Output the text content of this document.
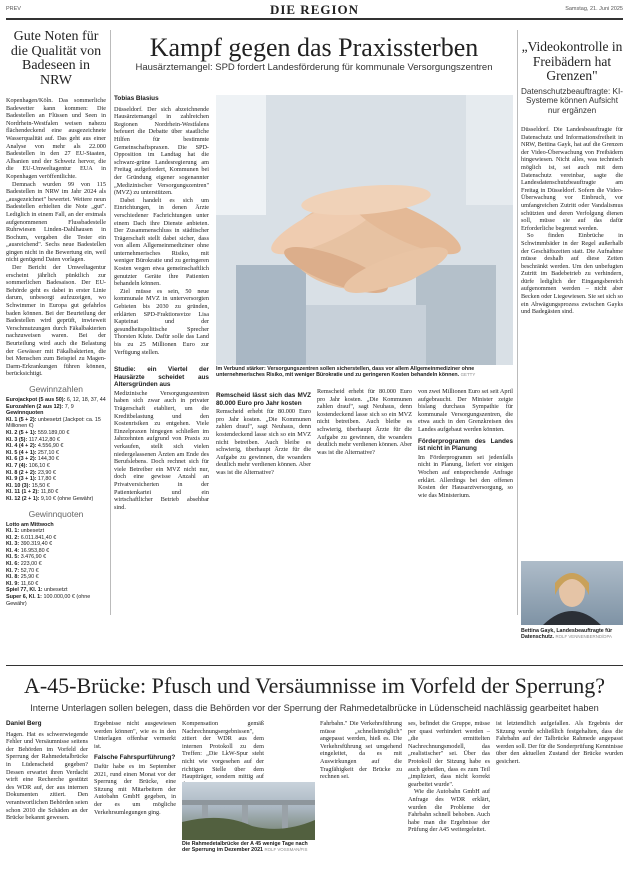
PREV	DIE REGION	Samstag, 21. Juni 2025
Gute Noten für die Qualität von Badeseen in NRW

Kopenhagen/Köln. Das sommerliche Badewetter kann kommen: Die Badestellen an Flüssen und Seen in Nordrhein-Westfalen weisen nahezu flächendeckend eine ausgezeichnete Wasserqualität auf. Das geht aus einer Analyse von mehr als 22.000 Badestellen in den 27 EU-Staaten, Albanien und der Schweiz hervor, die die EU-Umweltagentur EUA in Kopenhagen veröffentlichte.

Demnach wurden 99 von 115 Badestellen in NRW im Jahr 2024 als „ausgezeichnet" bewertet. Weitere neun Badestellen erhielten die Note „gut". Lediglich in einem Fall, an der erstmals aufgenommenen Flussbadestelle Ruhrwiesen Linden-Dahlhausen in Bochum, vergaben die Tester ein „ausreichend". Sechs neue Badestellen gingen nicht in die Bewertung ein, weil nicht genügend Daten vorlagen.

Der Bericht der Umweltagentur erscheint jährlich pünktlich zur sommerlichen Badesaison. Der EU-Behörde geht es dabei in erster Linie darum, unbesorgt aufzuzeigen, wo Schwimmer in Europa gut gefahrlos baden können. Bei der Beurteilung der Badestellen wird geprüft, inwieweit Verschmutzungen durch Fäkalbakterien nachzuweisen waren. Bei der Beurteilung wird auch die Belastung der Gewässer mit Fäkalbakterien, die bei Menschen zum Beispiel zu Magen-Darm-Erkrankungen führen können, berücksichtigt.

Gewinnzahlen
Eurojackpot (5 aus 50): 6, 12, 18, 37, 44
Eurozahlen (2 aus 12): 7, 9
Gewinnquoten
Kl. 1 (5 + 2): unbesetzt (Jackpot: ca. 15 Millionen €)
Kl. 2 (5 + 1): 559.189,00 €
Kl. 3 (5): 117.412,80 €
Kl. 4 (4 + 2): 4.556,90 €
Kl. 5 (4 + 1): 257,10 €
Kl. 6 (3 + 2): 144,30 €
Kl. 7 (4): 106,10 €
Kl. 8 (2 + 2): 23,90 €
Kl. 9 (3 + 1): 17,80 €
Kl. 10 (3): 15,50 €
Kl. 11 (1 + 2): 11,80 €
Kl. 12 (2 + 1): 9,10 € (ohne Gewähr)
Gewinnquoten
Lotto am Mittwoch
Kl. 1: unbesetzt
Kl. 2: 6.011.841,40 €
Kl. 3: 390.319,40 €
Kl. 4: 16.953,80 €
Kl. 5: 3.476,90 €
Kl. 6: 223,00 €
Kl. 7: 52,70 €
Kl. 8: 25,90 €
Kl. 9: 11,60 €
Spiel 77, Kl. 1: unbesetzt
Super 6, Kl. 1: 100.000,00 € (ohne Gewähr)
Kampf gegen das Praxissterben
Hausärztemangel: SPD fordert Landesförderung für kommunale Versorgungszentren
Tobias Blasius

Düsseldorf. Der sich abzeichnende Hausärztemangel in zahlreichen Regionen Nordrhein-Westfalens befeuert die Debatte über staatliche Hilfen für bestimmte Gemeinschaftspraxen. Die SPD-Opposition im Landtag hat die schwarz-grüne Landesregierung am Freitag aufgefordert, Kommunen bei der Gründung eigener sogenannter „Medizinischer Versorgungszentren" (MVZ) zu unterstützen.

Dabei handelt es sich um Einrichtungen, in denen Ärzte verschiedener Fachrichtungen unter einem Dach ihre Dienste anbieten. Der Zusammenschluss in städtischer Trägerschaft stellt dabei sicher, dass von allem Allgemeinmediziner ohne unternehmerisches Risiko, mit weniger Bürokratie und zu geringeren Kosten wegen etwa gemeinschaftlich genutzter Geräte ihre Patienten behandeln können.

Ziel müsse es sein, 50 neue kommunale MVZ in unterversorgten Gebieten bis 2030 zu gründen, erklärten SPD-Fraktionsvize Lisa Kapteinat und der gesundheitspolitische Sprecher Thorsten Klute. Dafür solle das Land bis zu 25 Millionen Euro zur Verfügung stellen.

Im Verbund stärker: Versorgungszentren sollen sicherstellen, dass vor allem Allgemeinmediziner ohne unternehmerisches Risiko, mit weniger Bürokratie und zu geringeren Kosten behandeln können. GETTY
Studie: ein Viertel der Hausärzte scheidet aus Altersgründen aus

Medizinische Versorgungszentren haben sich zwar auch in privater Trägerschaft etabliert, um die Kreditbelastung und den Kostenrisiken zu entgehen. Viele Einzelpraxen hingegen schließen im Jahrzehnten aufgrund von Praxis zu verkaufen, stellt sich vielen niedergelassenen Ärzten am Ende des Berufslebens. Doch rechnet sich für viele Betreiber ein MVZ nicht nur, doch eine gewisse Anzahl an Privatversicherten in der Patientenkartei und ein wirtschaftlicher Betrieb absehbar sind.

Remscheid lässt sich das MVZ 80.000 Euro pro Jahr kosten

Remscheid erhebt für 80.000 Euro pro Jahr kosten. „Die Kommunen zahlen drauf", sagt Neuhaus, denn kostendeckend lasse sich so ein MVZ nicht betreiben. Auch bleibe es schwierig, überhaupt Ärzte für die Aufgabe zu gewinnen, die woanders deutlich mehr verdienen können. Aber was ist die Alternative?

Remscheid erhebt für 80.000 Euro pro Jahr kosten. „Die Kommunen zahlen drauf", sagt Neuhaus, denn kostendeckend lasse sich so ein MVZ nicht betreiben. Auch bleibe es schwierig, überhaupt Ärzte für die Aufgabe zu gewinnen, die woanders deutlich mehr verdienen können. Aber was ist die Alternative?

von zwei Millionen Euro sei seit April aufgebraucht. Der Minister zeigte bislang durchaus Sympathie für kommunale Versorgungszentren, die etwa auch in den Grenzkreisen des Landes aufgebaut werden könnten.

Förderprogramm des Landes ist nicht in Planung

Im Förderprogramm sei jedenfalls nicht in Planung, liefert vor einigen Wochen auf entsprechende Anfrage erklärt. Allerdings bei den offenen Kosten der Hausarztversorgung, so wie das Ministerium.

„Videokontrolle in Freibädern hat Grenzen"
Datenschutzbeauftragte: KI-Systeme können Aufsicht nur ergänzen

Düsseldorf. Die Landesbeauftragte für Datenschutz und Informationsfreiheit in NRW, Bettina Gayk, hat auf die Grenzen der Video-Überwachung von Freibädern hingewiesen. Nicht alles, was technisch möglich ist, sei auch mit dem Datenschutz vereinbar, sagte die Landesdatenschutzbeauftragte am Freitag in Düsseldorf. Sofern die Video-Überwachung vor Einbruch, vor umfangreichen Zutritt oder Vandalismus schützten und deren Verfolgung dienen soll, müsse sie auf das dafür Erforderliche begrenzt werden.

So finden Einbrüche in Schwimmbäder in der Regel außerhalb der Geschäftszeiten statt. Die Aufnahme müsse deshalb auf diese Zeiten beschränkt werden. Um den unbefugten Zutritt im Badebetrieb zu verhindern, dürfe lediglich der Eingangsbereich aufgenommen werden – nicht aber Becken oder Liegewiesen. Sie sei sich so ein Abwägungsprozess zwischen Gayks und Badegästen sind.

Bettina Gayk, Landesbeauftragte für Datenschutz. ROLF VENNENBERND/DPA
A-45-Brücke: Pfusch und Versäumnisse im Vorfeld der Sperrung?
Interne Unterlagen sollen belegen, dass die Behörden vor der Sperrung der Rahmedetalbrücke in Lüdenscheid nachlässig gearbeitet haben
Daniel Berg

Hagen. Hat es schwerwiegende Fehler und Versäumnisse seitens der Behörden im Vorfeld der Sperrung der Rahmedetalbrücke in Lüdenscheid gegeben? Dessen erwartet ihren Verdacht wirft eine Recherche gestützt des WDR auf, der aus internen Dokumenten zitiert. Den verantwortlichen Behörden seien schon 2010 die Schäden an der Brücke bekannt gewesen.

Ergebnisse nicht ausgewiesen werden können", wie es in den Unterlagen offenbar vermerkt ist.

Falsche Fahrspurführung?

Dafür habe es im September 2021, rund einen Monat vor der Sperrung der Brücke, eine Sitzung mit Mitarbeitern der Autobahn GmbH gegeben, in der es um mögliche Verkehrsumlegungen ging.

Kompensation gemäß Nachrechnungsergebnissen", zitiert der WDR aus dem internen Protokoll zu dem Treffen: „Die LkW-Spur steht nicht wie vorgesehen auf der richtigen Stelle über dem Hauptträger, sondern mittig auf

Die Rahmedetalbrücke der A 45 wenige Tage nach der Sperrung im Dezember 2021 ROLF VOSSMAN/FIS

Fahrbahn." Die Verkehrsführung müsse „schnellstmöglich" angepasst werden, hieß es. Die Verkehrsführung sei umgehend eingeleitet, da es mit Auswirkungen auf die Tragfähigkeit der Brücke zu rechnen sei.

ses, befindet die Gruppe, müsse per quasi verhindert werden – „die ermittelten Nachrechnungsmodell, das „realistischer" sei. Über das Protokoll der Sitzung habe es auch geheißen, dass es zum Teil „impliziert, dass nicht korrekt gearbeitet wurde".

Wie die Autobahn GmbH auf Anfrage des WDR erklärt, wurden die Probleme der Fahrbahn schnell behoben. Auch habe man die Ergebnisse der Prüfung der A45 weitergeleitet.

ist letztendlich aufgefallen. Als Ergebnis der Sitzung wurde schließlich festgehalten, dass die Fahrbahn auf der Talbrücke Rahmede angepasst werden soll. Der für die Sonderprüfung Kenntnisse über den aktuellen Zustand der Brücke wurden gesichert.
